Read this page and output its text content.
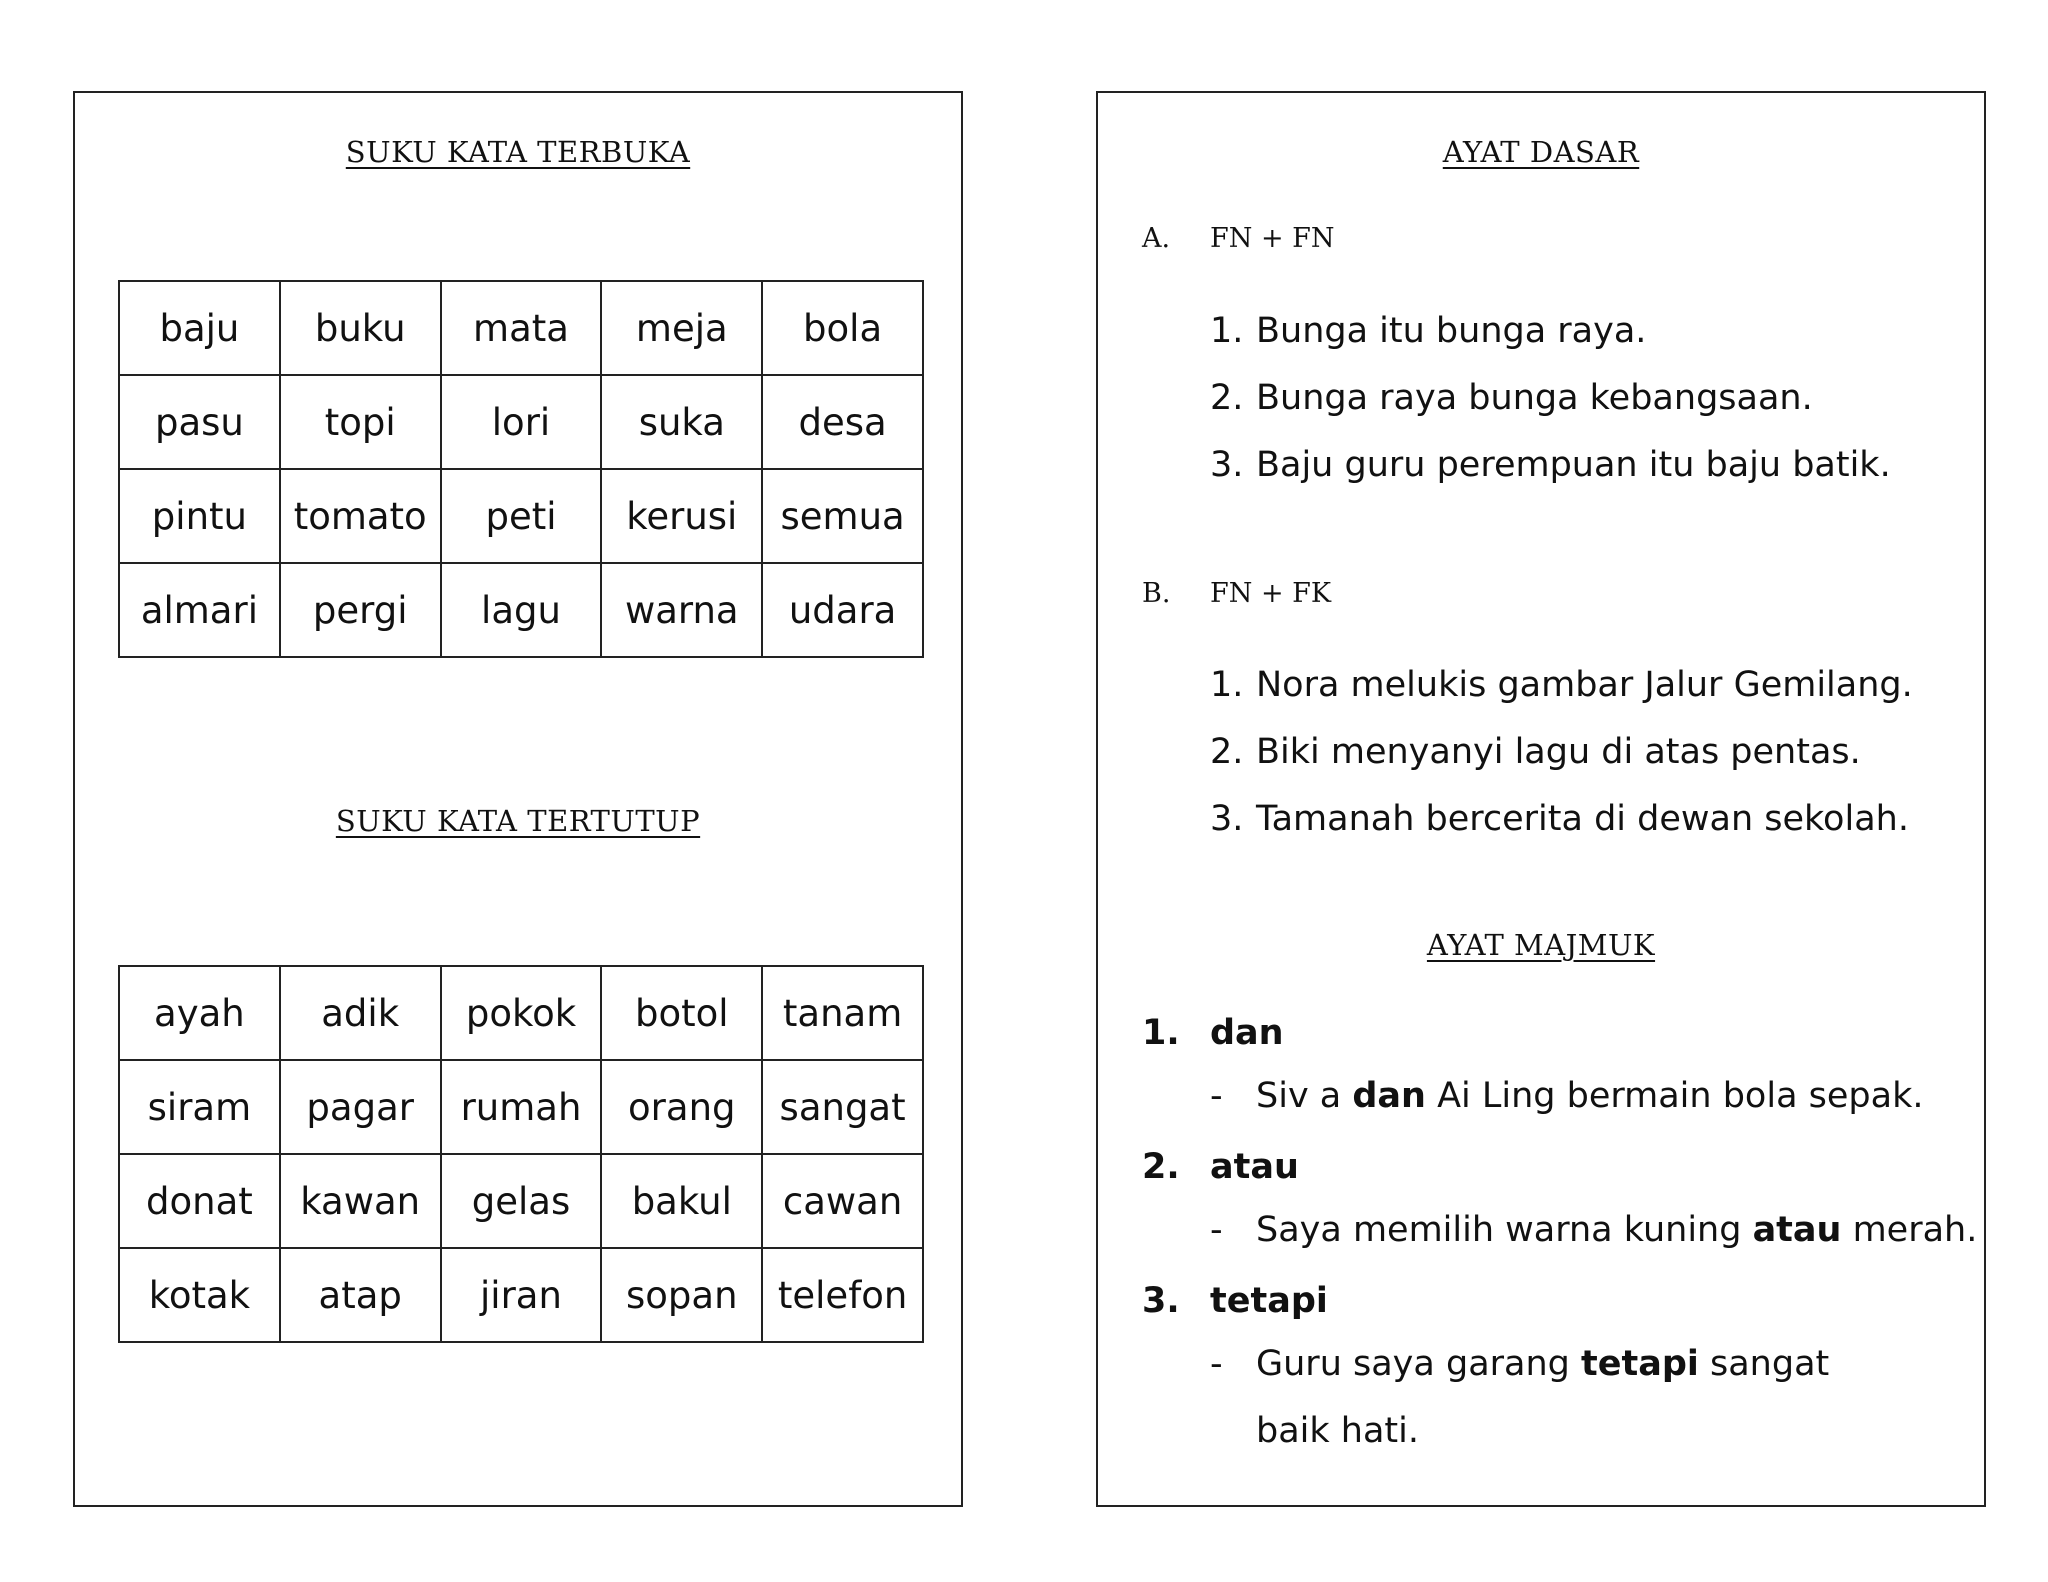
SUKU KATA TERBUKA
baju	buku	mata	meja	bola
pasu	topi	lori	suka	desa
pintu	tomato	peti	kerusi	semua
almari	pergi	lagu	warna	udara
SUKU KATA TERTUTUP
ayah	adik	pokok	botol	tanam
siram	pagar	rumah	orang	sangat
donat	kawan	gelas	bakul	cawan
kotak	atap	jiran	sopan	telefon
AYAT DASAR
A. FN + FN
1. Bunga itu bunga raya.
2. Bunga raya bunga kebangsaan.
3. Baju guru perempuan itu baju batik.
B. FN + FK
1. Nora melukis gambar Jalur Gemilang.
2. Biki menyanyi lagu di atas pentas.
3. Tamanah bercerita di dewan sekolah.
AYAT MAJMUK
1. dan
- Siv a dan Ai Ling bermain bola sepak.
2. atau
- Saya memilih warna kuning atau merah.
3. tetapi
- Guru saya garang tetapi sangat baik hati.
